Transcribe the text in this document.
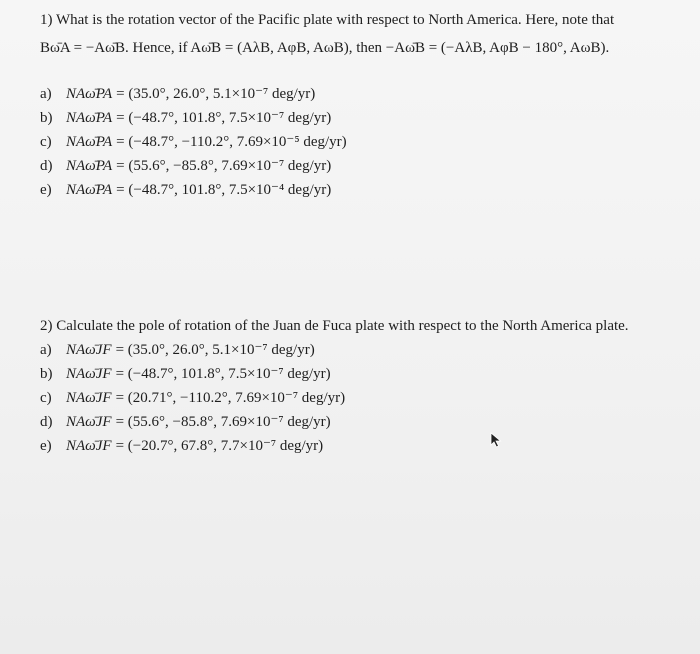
1) What is the rotation vector of the Pacific plate with respect to North America. Here, note that

Bω̄A = −Aω̄B. Hence, if Aω̄B = (AλB, AφB, AωB), then −Aω̄B = (−AλB, AφB − 180°, AωB).
a) NAω̄PA = (35.0°, 26.0°, 5.1×10⁻⁷ deg/yr)
b) NAω̄PA = (−48.7°, 101.8°, 7.5×10⁻⁷ deg/yr)
c) NAω̄PA = (−48.7°, −110.2°, 7.69×10⁻⁵ deg/yr)
d) NAω̄PA = (55.6°, −85.8°, 7.69×10⁻⁷ deg/yr)
e) NAω̄PA = (−48.7°, 101.8°, 7.5×10⁻⁴ deg/yr)

2) Calculate the pole of rotation of the Juan de Fuca plate with respect to the North America plate.

a) NAω̄JF = (35.0°, 26.0°, 5.1×10⁻⁷ deg/yr)
b) NAω̄JF = (−48.7°, 101.8°, 7.5×10⁻⁷ deg/yr)
c) NAω̄JF = (20.71°, −110.2°, 7.69×10⁻⁷ deg/yr)
d) NAω̄JF = (55.6°, −85.8°, 7.69×10⁻⁷ deg/yr)
e) NAω̄JF = (−20.7°, 67.8°, 7.7×10⁻⁷ deg/yr)
